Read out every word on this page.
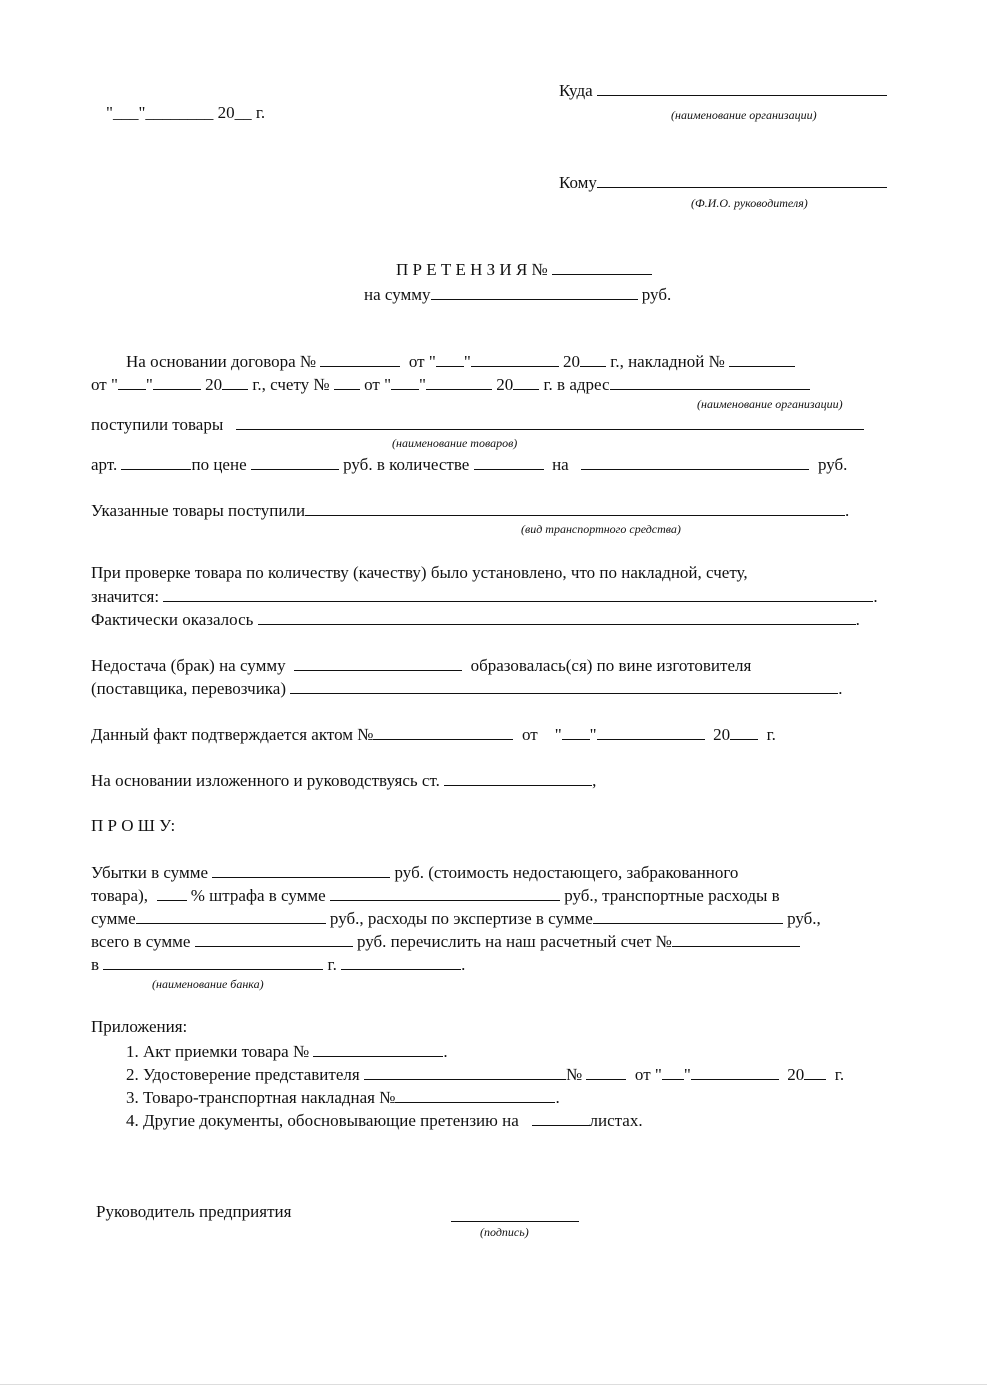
"___"________ 20__ г.
Куда
(наименование организации)
Кому
(Ф.И.О. руководителя)
П Р Е Т Е Н З И Я №
на сумму	руб.
На основании договора №	от " "	20 г., накладной №
от " "	20 г., счету № от " "	20 г. в адрес
(наименование организации)
поступили товары
(наименование товаров)
арт.	по цене	руб. в количестве	на	руб.
Указанные товары поступили	.
(вид транспортного средства)
При проверке товара по количеству (качеству) было установлено, что по накладной, счету,
значится:	.
Фактически оказалось	.
Недостача (брак) на сумму	образовалась(ся) по вине изготовителя
(поставщика, перевозчика)	.
Данный факт подтверждается актом №	от " "	20 г.
На основании изложенного и руководствуясь ст.	,
П Р О Ш У:
Убытки в сумме	руб. (стоимость недостающего, забракованного
товара),	% штрафа в сумме	руб., транспортные расходы в
сумме	руб., расходы по экспертизе в сумме	руб.,
всего в сумме	руб. перечислить на наш расчетный счет №
в	г.	.
(наименование банка)
Приложения:
1. Акт приемки товара №	.
2. Удостоверение представителя	№	от " "	20 г.
3. Товаро-транспортная накладная №	.
4. Другие документы, обосновывающие претензию на	листах.
Руководитель предприятия
(подпись)
